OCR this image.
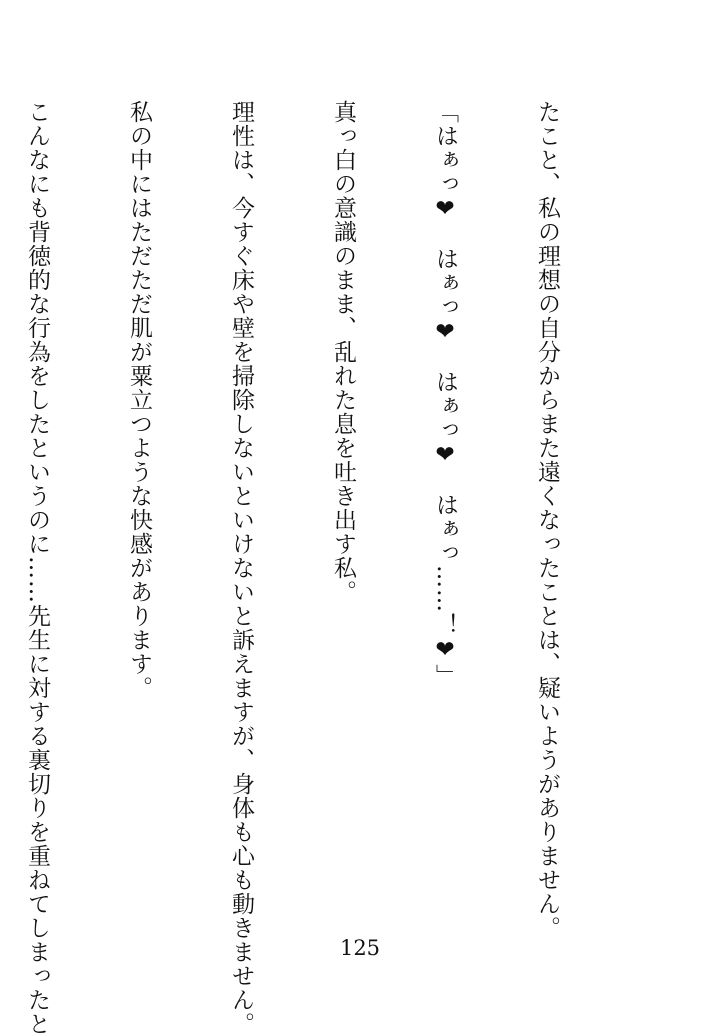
たこと、私の理想の自分からまた遠くなったことは、疑いようがありません。

「はぁっ❤　はぁっ❤　はぁっ❤　はぁっ……！❤」

真っ白の意識のまま、乱れた息を吐き出す私。

理性は、今すぐ床や壁を掃除しないといけないと訴えますが、身体も心も動きません。

私の中にはただただ肌が粟立つような快感があります。

こんなにも背徳的な行為をしたというのに……先生に対する裏切りを重ねてしまったと

	125
